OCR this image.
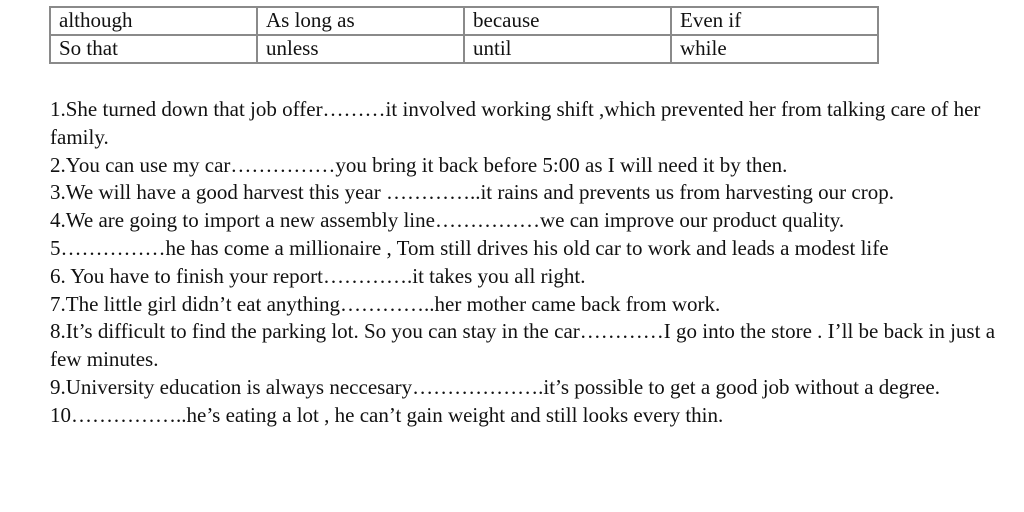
although	As long as	because	Even if
So that	unless	until	while
1.She turned down that job offer………it involved working shift ,which prevented her from talking care of her family.
2.You can use my car……………you bring it back before 5:00 as I will need it by then.
3.We will have a good harvest this year …………..it rains and prevents us from harvesting our crop.
4.We are going to import a new assembly line……………we can improve our product quality.
5……………he has come a millionaire , Tom still drives his old car to work and leads a modest life
6. You have to finish your report………….it takes you all right.
7.The little girl didn’t eat anything…………..her mother came back from work.
8.It’s difficult to find the parking lot. So you can stay in the car…………I go into the store . I’ll be back in just a few minutes.
9.University education is always neccesary……………….it’s possible to get a good job without a degree.
10……………..he’s eating a lot , he can’t gain weight and still looks every thin.
